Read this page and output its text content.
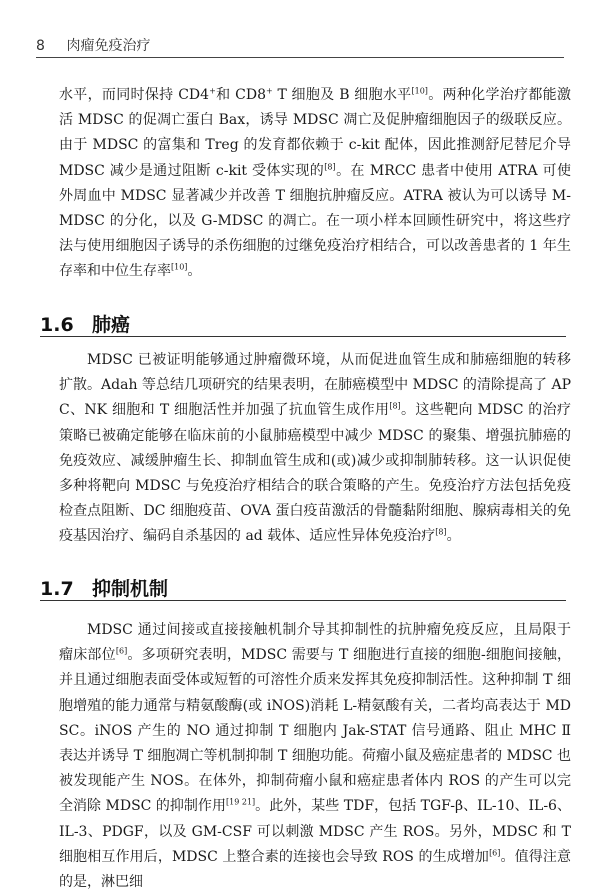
8 肉瘤免疫治疗

水平，而同时保持 CD4+和 CD8+ T 细胞及 B 细胞水平[10]。两种化学治疗都能激活 MDSC 的促凋亡蛋白 Bax，诱导 MDSC 凋亡及促肿瘤细胞因子的级联反应。由于 MDSC 的富集和 Treg 的发育都依赖于 c-kit 配体，因此推测舒尼替尼介导 MDSC 减少是通过阻断 c-kit 受体实现的[8]。在 MRCC 患者中使用 ATRA 可使外周血中 MDSC 显著减少并改善 T 细胞抗肿瘤反应。ATRA 被认为可以诱导 M-MDSC 的分化，以及 G-MDSC 的凋亡。在一项小样本回顾性研究中，将这些疗法与使用细胞因子诱导的杀伤细胞的过继免疫治疗相结合，可以改善患者的 1 年生存率和中位生存率[10]。

1.6 肺癌

MDSC 已被证明能够通过肿瘤微环境，从而促进血管生成和肺癌细胞的转移扩散。Adah 等总结几项研究的结果表明，在肺癌模型中 MDSC 的清除提高了 APC、NK 细胞和 T 细胞活性并加强了抗血管生成作用[8]。这些靶向 MDSC 的治疗策略已被确定能够在临床前的小鼠肺癌模型中减少 MDSC 的聚集、增强抗肺癌的免疫效应、减缓肿瘤生长、抑制血管生成和(或)减少或抑制肺转移。这一认识促使多种将靶向 MDSC 与免疫治疗相结合的联合策略的产生。免疫治疗方法包括免疫检查点阻断、DC 细胞疫苗、OVA 蛋白疫苗激活的骨髓黏附细胞、腺病毒相关的免疫基因治疗、编码自杀基因的 ad 载体、适应性异体免疫治疗[8]。

1.7 抑制机制

MDSC 通过间接或直接接触机制介导其抑制性的抗肿瘤免疫反应，且局限于瘤床部位[6]。多项研究表明，MDSC 需要与 T 细胞进行直接的细胞-细胞间接触，并且通过细胞表面受体或短暂的可溶性介质来发挥其免疫抑制活性。这种抑制 T 细胞增殖的能力通常与精氨酸酶(或 iNOS)消耗 L-精氨酸有关，二者均高表达于 MDSC。iNOS 产生的 NO 通过抑制 T 细胞内 Jak-STAT 信号通路、阻止 MHC Ⅱ 表达并诱导 T 细胞凋亡等机制抑制 T 细胞功能。荷瘤小鼠及癌症患者的 MDSC 也被发现能产生 NOS。在体外，抑制荷瘤小鼠和癌症患者体内 ROS 的产生可以完全消除 MDSC 的抑制作用[19 21]。此外，某些 TDF，包括 TGF-β、IL-10、IL-6、IL-3、PDGF，以及 GM-CSF 可以刺激 MDSC 产生 ROS。另外，MDSC 和 T 细胞相互作用后，MDSC 上整合素的连接也会导致 ROS 的生成增加[6]。值得注意的是，淋巴细
